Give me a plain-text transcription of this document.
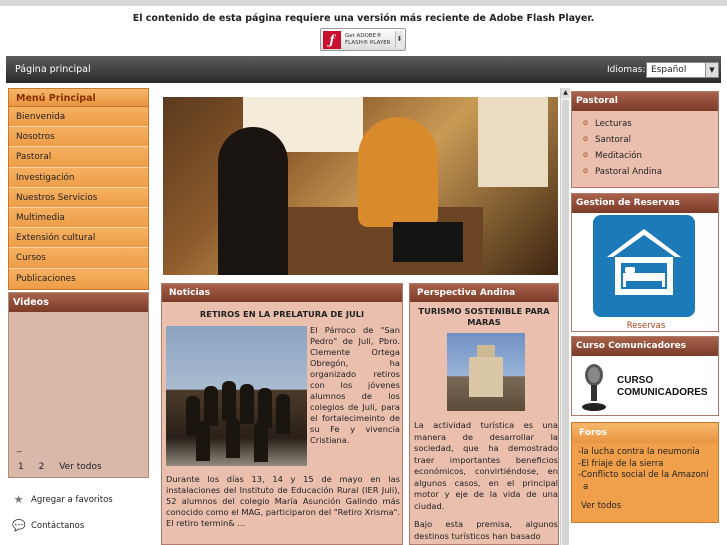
El contenido de esta página requiere una versión más reciente de Adobe Flash Player.
ƒ	Get ADOBE®
FLASH® PLAYER ⬇
Página principal	Idiomas: Español	▼
Menú Principal
Bienvenida
Nosotros
Pastoral
Investigación
Nuestros Servicios
Multimedia
Extensión cultural
Cursos
Publicaciones
Videos
_
1 2 Ver todos
★ Agregar a favoritos
💬 Contáctanos
▲
Noticias
RETIROS EN LA PRELATURA DE JULI
El Párroco de "San Pedro" de Juli, Pbro. Clemente Ortega Obregón, ha organizado retiros con los jóvenes alumnos de los colegios de Juli, para el fortalecimeinto de su Fe y vivencia Cristiana.
Durante los días 13, 14 y 15 de mayo en las instalaciones del Instituto de Educación Rural (IER Juli), 52 alumnos del colegio María Asunción Galindo más conocido como el MAG, participaron del "Retiro Xrisma". El retiro termin& ...
Perspectiva Andina
TURISMO SOSTENIBLE PARA MARAS

La actividad turística es una manera de desarrollar la sociedad, que ha demostrado traer importantes beneficios económicos, convirtiéndose, en algunos casos, en el principal motor y eje de la vida de una ciudad.

Bajo esta premisa, algunos destinos turísticos han basado

Pastoral
o Lecturas
o Santoral
o Meditación
o Pastoral Andina
Gestion de Reservas
Reservas
Curso Comunicadores
CURSO
COMUNICADORES
Foros
-la lucha contra la neumonia
-El friaje de la sierra
-Conflicto social de la Amazoní
a
Ver todos
